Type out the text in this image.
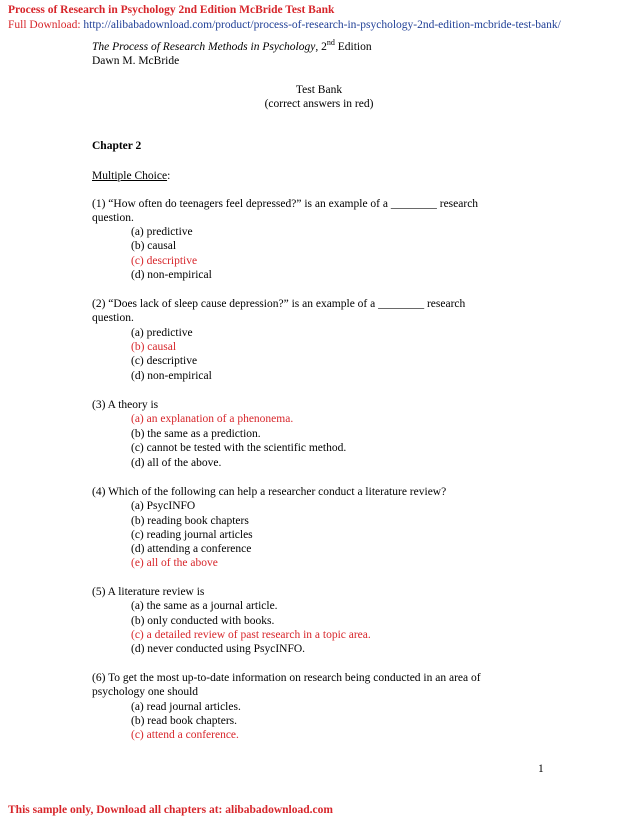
Process of Research in Psychology 2nd Edition McBride Test Bank
Full Download: http://alibabadownload.com/product/process-of-research-in-psychology-2nd-edition-mcbride-test-bank/
The Process of Research Methods in Psychology, 2nd Edition
Dawn M. McBride
Test Bank
(correct answers in red)
Chapter 2
Multiple Choice:
(1) “How often do teenagers feel depressed?” is an example of a ________ research
question.
(a) predictive
(b) causal
(c) descriptive
(d) non-empirical
(2) “Does lack of sleep cause depression?” is an example of a ________ research
question.
(a) predictive
(b) causal
(c) descriptive
(d) non-empirical
(3) A theory is
(a) an explanation of a phenonema.
(b) the same as a prediction.
(c) cannot be tested with the scientific method.
(d) all of the above.
(4) Which of the following can help a researcher conduct a literature review?
(a) PsycINFO
(b) reading book chapters
(c) reading journal articles
(d) attending a conference
(e) all of the above
(5) A literature review is
(a) the same as a journal article.
(b) only conducted with books.
(c) a detailed review of past research in a topic area.
(d) never conducted using PsycINFO.
(6) To get the most up-to-date information on research being conducted in an area of
psychology one should
(a) read journal articles.
(b) read book chapters.
(c) attend a conference.
1
This sample only, Download all chapters at: alibabadownload.com
